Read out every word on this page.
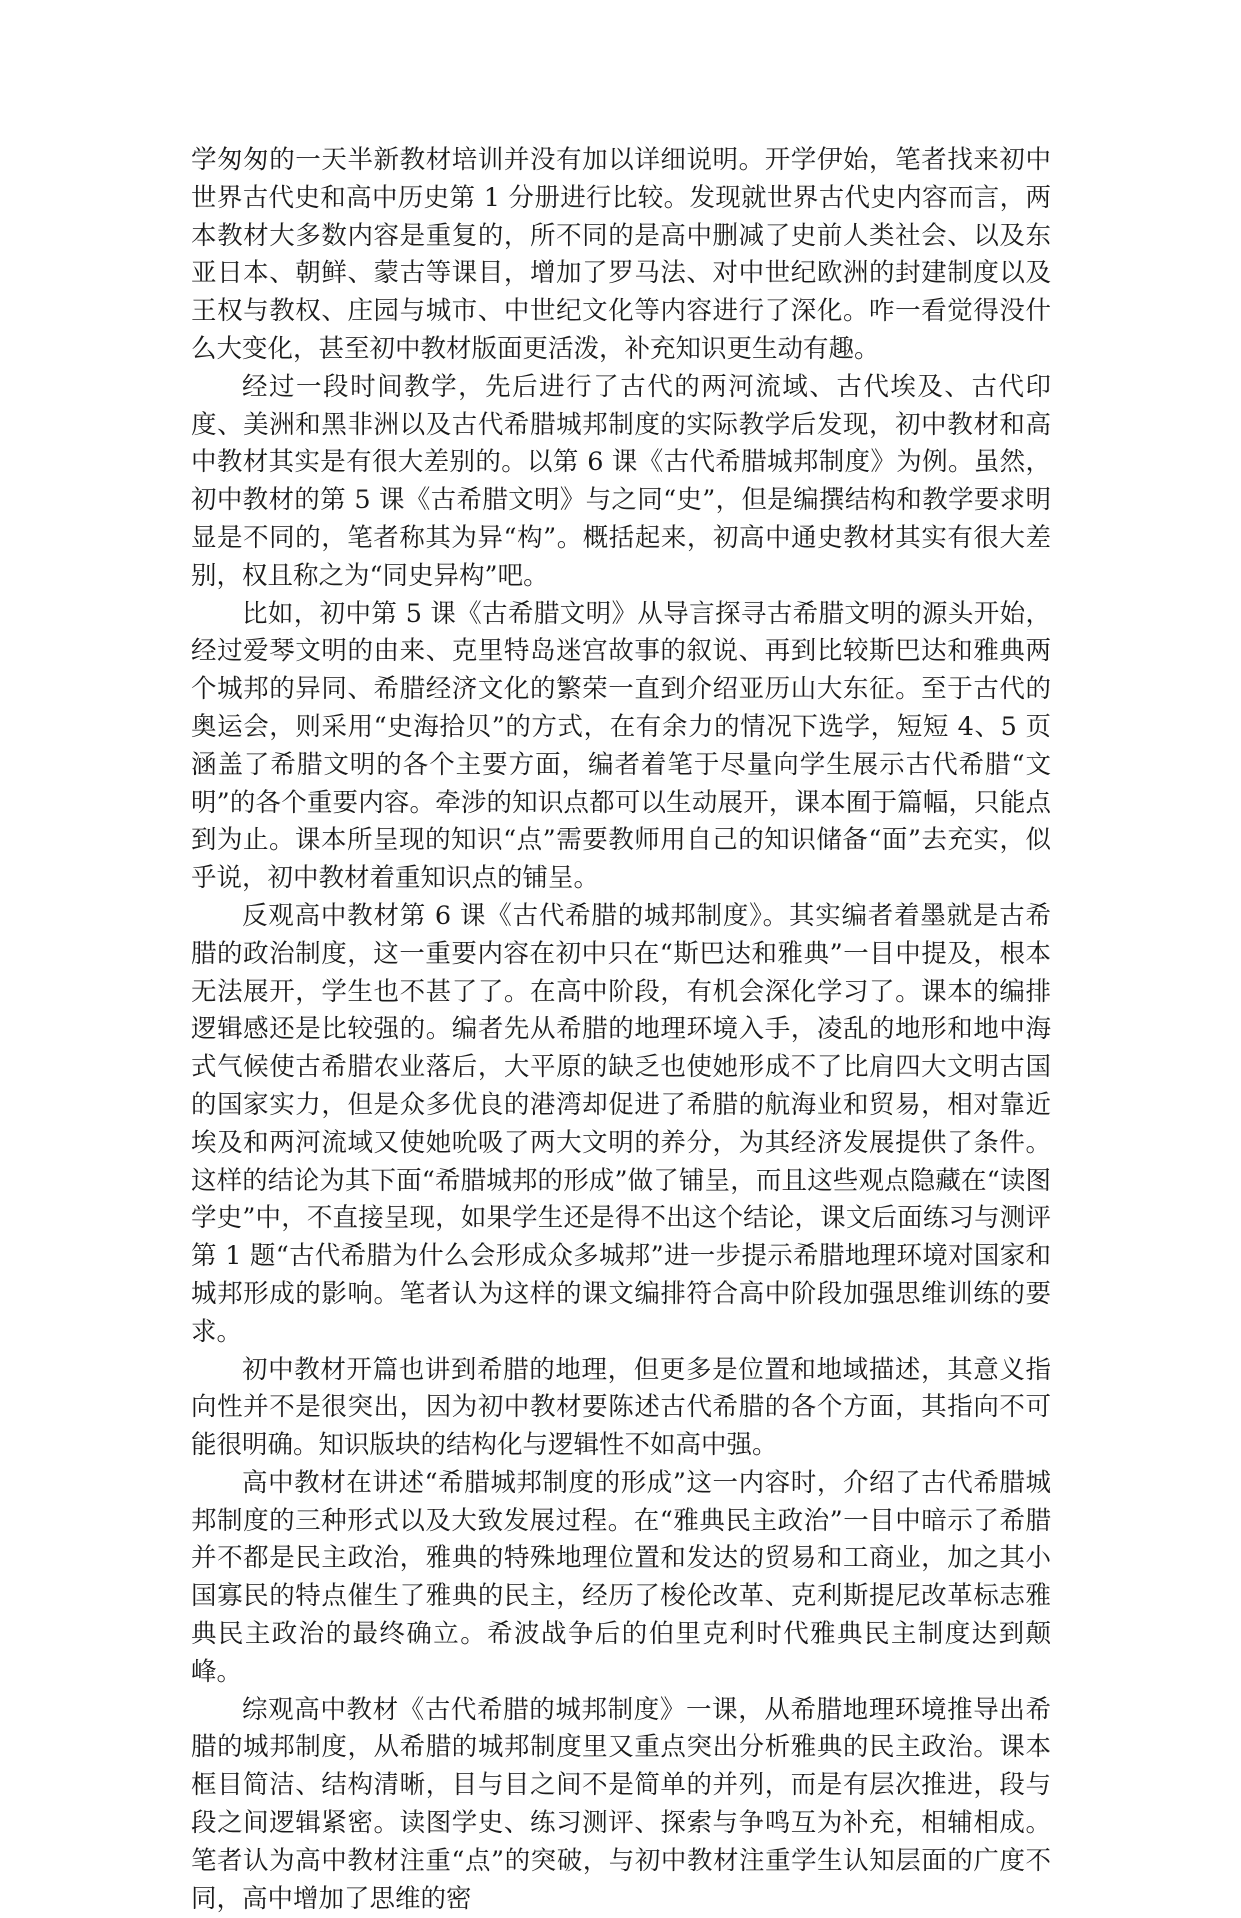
学匆匆的一天半新教材培训并没有加以详细说明。开学伊始，笔者找来初中世界古代史和高中历史第 1 分册进行比较。发现就世界古代史内容而言，两本教材大多数内容是重复的，所不同的是高中删减了史前人类社会、以及东亚日本、朝鲜、蒙古等课目，增加了罗马法、对中世纪欧洲的封建制度以及王权与教权、庄园与城市、中世纪文化等内容进行了深化。咋一看觉得没什么大变化，甚至初中教材版面更活泼，补充知识更生动有趣。

经过一段时间教学，先后进行了古代的两河流域、古代埃及、古代印度、美洲和黑非洲以及古代希腊城邦制度的实际教学后发现，初中教材和高中教材其实是有很大差别的。以第 6 课《古代希腊城邦制度》为例。虽然，初中教材的第 5 课《古希腊文明》与之同“史”，但是编撰结构和教学要求明显是不同的，笔者称其为异“构”。概括起来，初高中通史教材其实有很大差别，权且称之为“同史异构”吧。

比如，初中第 5 课《古希腊文明》从导言探寻古希腊文明的源头开始，经过爱琴文明的由来、克里特岛迷宫故事的叙说、再到比较斯巴达和雅典两个城邦的异同、希腊经济文化的繁荣一直到介绍亚历山大东征。至于古代的奥运会，则采用“史海拾贝”的方式，在有余力的情况下选学，短短 4、5 页涵盖了希腊文明的各个主要方面，编者着笔于尽量向学生展示古代希腊“文明”的各个重要内容。牵涉的知识点都可以生动展开，课本囿于篇幅，只能点到为止。课本所呈现的知识“点”需要教师用自己的知识储备“面”去充实，似乎说，初中教材着重知识点的铺呈。

反观高中教材第 6 课《古代希腊的城邦制度》。其实编者着墨就是古希腊的政治制度，这一重要内容在初中只在“斯巴达和雅典”一目中提及，根本无法展开，学生也不甚了了。在高中阶段，有机会深化学习了。课本的编排逻辑感还是比较强的。编者先从希腊的地理环境入手，凌乱的地形和地中海式气候使古希腊农业落后，大平原的缺乏也使她形成不了比肩四大文明古国的国家实力，但是众多优良的港湾却促进了希腊的航海业和贸易，相对靠近埃及和两河流域又使她吮吸了两大文明的养分，为其经济发展提供了条件。这样的结论为其下面“希腊城邦的形成”做了铺呈，而且这些观点隐藏在“读图学史”中，不直接呈现，如果学生还是得不出这个结论，课文后面练习与测评第 1 题“古代希腊为什么会形成众多城邦”进一步提示希腊地理环境对国家和城邦形成的影响。笔者认为这样的课文编排符合高中阶段加强思维训练的要求。

初中教材开篇也讲到希腊的地理，但更多是位置和地域描述，其意义指向性并不是很突出，因为初中教材要陈述古代希腊的各个方面，其指向不可能很明确。知识版块的结构化与逻辑性不如高中强。

高中教材在讲述“希腊城邦制度的形成”这一内容时，介绍了古代希腊城邦制度的三种形式以及大致发展过程。在“雅典民主政治”一目中暗示了希腊并不都是民主政治，雅典的特殊地理位置和发达的贸易和工商业，加之其小国寡民的特点催生了雅典的民主，经历了梭伦改革、克利斯提尼改革标志雅典民主政治的最终确立。希波战争后的伯里克利时代雅典民主制度达到颠峰。

综观高中教材《古代希腊的城邦制度》一课，从希腊地理环境推导出希腊的城邦制度，从希腊的城邦制度里又重点突出分析雅典的民主政治。课本框目简洁、结构清晰，目与目之间不是简单的并列，而是有层次推进，段与段之间逻辑紧密。读图学史、练习测评、探索与争鸣互为补充，相辅相成。笔者认为高中教材注重“点”的突破，与初中教材注重学生认知层面的广度不同，高中增加了思维的密
